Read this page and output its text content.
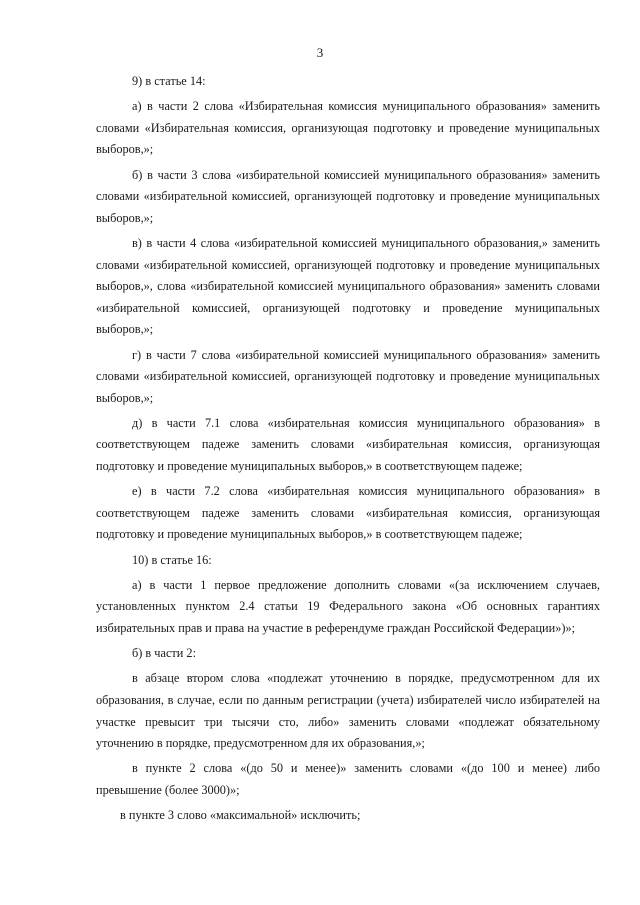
3

9) в статье 14:

а) в части 2 слова «Избирательная комиссия муниципального образования» заменить словами «Избирательная комиссия, организующая подготовку и проведение муниципальных выборов,»;

б) в части 3 слова «избирательной комиссией муниципального образования» заменить словами «избирательной комиссией, организующей подготовку и проведение муниципальных выборов,»;

в) в части 4 слова «избирательной комиссией муниципального образования,» заменить словами «избирательной комиссией, организующей подготовку и проведение муниципальных выборов,», слова «избирательной комиссией муниципального образования» заменить словами «избирательной комиссией, организующей подготовку и проведение муниципальных выборов,»;

г) в части 7 слова «избирательной комиссией муниципального образования» заменить словами «избирательной комиссией, организующей подготовку и проведение муниципальных выборов,»;

д) в части 7.1 слова «избирательная комиссия муниципального образования» в соответствующем падеже заменить словами «избирательная комиссия, организующая подготовку и проведение муниципальных выборов,» в соответствующем падеже;

е) в части 7.2 слова «избирательная комиссия муниципального образования» в соответствующем падеже заменить словами «избирательная комиссия, организующая подготовку и проведение муниципальных выборов,» в соответствующем падеже;

10) в статье 16:

а) в части 1 первое предложение дополнить словами «(за исключением случаев, установленных пунктом 2.4 статьи 19 Федерального закона «Об основных гарантиях избирательных прав и права на участие в референдуме граждан Российской Федерации»)»;

б) в части 2:

в абзаце втором слова «подлежат уточнению в порядке, предусмотренном для их образования, в случае, если по данным регистрации (учета) избирателей число избирателей на участке превысит три тысячи сто, либо» заменить словами «подлежат обязательному уточнению в порядке, предусмотренном для их образования,»;

в пункте 2 слова «(до 50 и менее)» заменить словами «(до 100 и менее) либо превышение (более 3000)»;

в пункте 3 слово «максимальной» исключить;
